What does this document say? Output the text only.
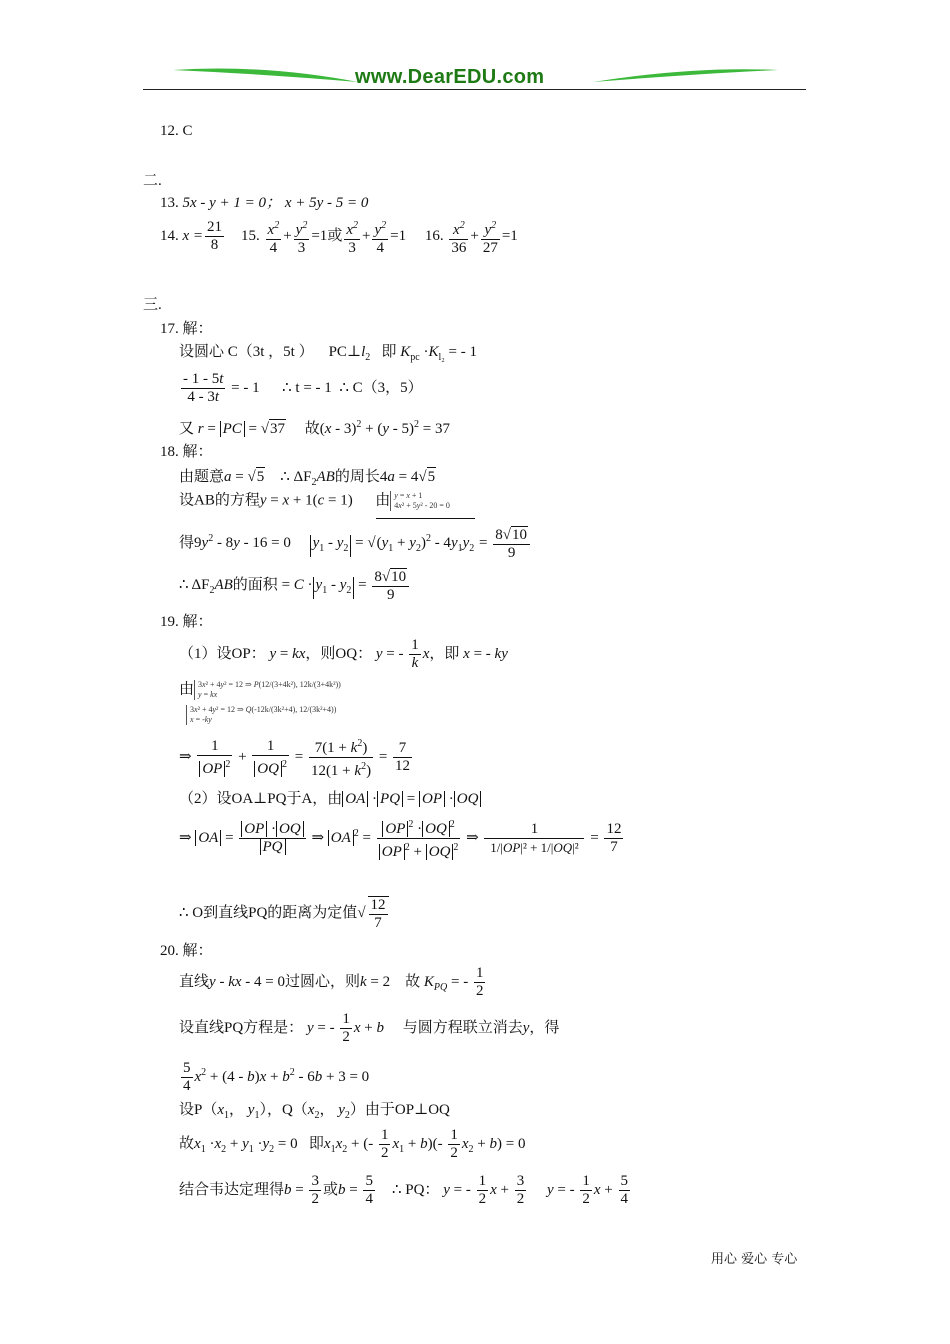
www.DearEDU.com
12. C
二.
13. 5x - y + 1 = 0； x + 5y - 5 = 0
14. $x = \frac{21}{8} 15$. $\frac{x^2}{4} + \frac{y^2}{3} =1$或 $\frac{x^2}{3} + \frac{y^2}{4} =1$     16. $\frac{x^2}{36} + \frac{y^2}{27} =1$
三.
17. 解：
设圆心 C（3t ，5t ） $PC\perp l_2$ 即 $K_{pc} \cdot K_{l_2}$ = - 1
$\frac{- 1 - 5t}{4 - 3t}$ = - 1      ∴ t = - 1 ∴ C（3，5）
又 r = PC = √37 故(x - 3)$^2$ + (y - 5)$^2$ = 37
18. 解：
由题意a = √5 ∴ $\Delta F_2AB$的周长4a = 4√5
设AB的方程y = x + 1(c = 1)      由 y = x + 1
4x² + 5y² - 20 = 0
得$9y^2 - 8y - 16 = 0$     $y_1 - y_2 = √(y_1 + y_2)^2 - 4y_1y_2 = \frac{8√10}{9}$
∴ $\Delta F_2AB$的面积 = $C \cdot y_1 - y_2 = \frac{8√10}{9}$
19. 解：
（1）设OP： y = kx，则OQ： y = - $\frac{1}{k}$ x，即 x = - ky
由 3x² + 4y² = 12 ⇒ P(12/(3+4k²), 12k/(3+4k²))
y = kx
3x² + 4y² = 12 ⇒ Q(-12k/(3k²+4), 12/(3k²+4))
x = -ky
⇒ $\frac{1}{OP ^2} + \frac{1}{OQ ^2} = \frac{7(1 + k^2)}{12(1 + k^2)} = \frac{7}{12}$
（2）设OA⊥PQ于A，由 OA · PQ = OP · OQ
⇒ OA = $\frac{OP \cdot OQ}{PQ}$ ⇒ OA $^2 = \frac{OP ^2 \cdot OQ ^2}{OP ^2 + OQ ^2}$ ⇒ $\frac{1}{\text{1/|OP|² + 1/|OQ|²}} = \frac{12}{7}$
∴ O到直线PQ的距离为定值√ $\frac{12}{7}$
20. 解：
直线y - kx - 4 = 0过圆心，则k = 2    故 $K_{PQ}$ = - $\frac{1}{2}$
设直线PQ方程是： y = - $\frac{1}{2}$ x + b 与圆方程联立消去y，得
$\frac{5}{4} x^2 + (4 - b)x + b^2 - 6b + 3 = 0$
设$P(x_1$， $y_1$），$Q(x_2$， $y_2$）由于OP⊥OQ
故$x_1 \cdot x_2 + y_1 \cdot y_2 = 0$   即$x_1x_2$ + (- $\frac{1}{2} x_1 + b)(- \frac{1}{2} x_2 + b) = 0$
结合韦达定理得$b = \frac{3}{2}$ 或$b = \frac{5}{4}$ ∴ PQ： y = - $\frac{1}{2}$ $x + \frac{3}{2}$ y = - $\frac{1}{2}$ $x + \frac{5}{4}$
用心 爱心 专心
